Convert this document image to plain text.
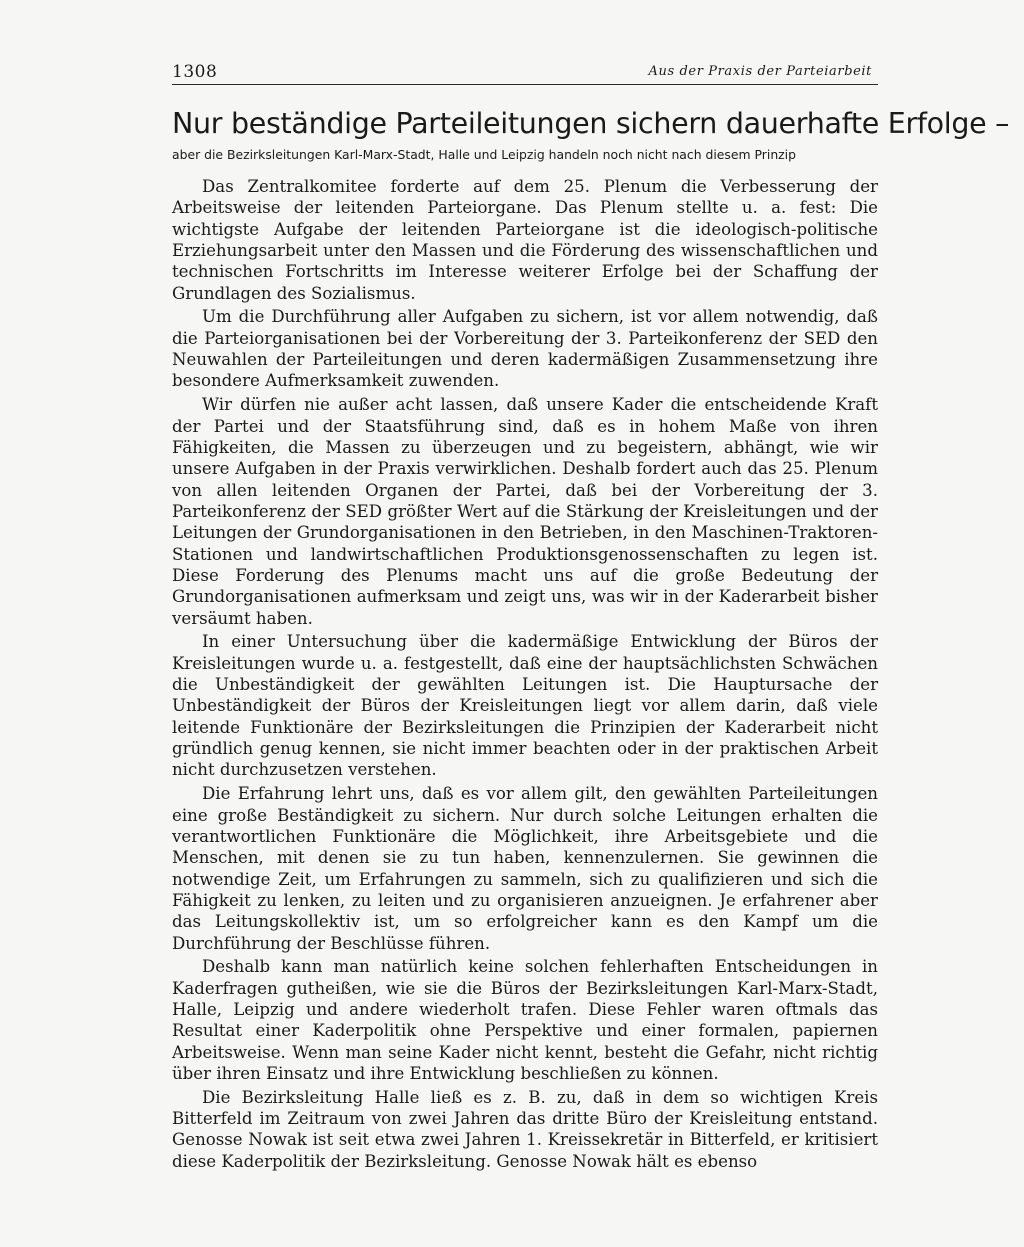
1308	Aus der Praxis der Parteiarbeit
Nur beständige Parteileitungen sichern dauerhafte Erfolge –
aber die Bezirksleitungen Karl-Marx-Stadt, Halle und Leipzig handeln noch nicht nach diesem Prinzip

Das Zentralkomitee forderte auf dem 25. Plenum die Verbesserung der Arbeitsweise der leitenden Parteiorgane. Das Plenum stellte u. a. fest: Die wichtigste Aufgabe der leitenden Parteiorgane ist die ideologisch-politische Erziehungsarbeit unter den Massen und die Förderung des wissenschaftlichen und technischen Fortschritts im Interesse weiterer Erfolge bei der Schaffung der Grundlagen des Sozialismus.

Um die Durchführung aller Aufgaben zu sichern, ist vor allem notwendig, daß die Parteiorganisationen bei der Vorbereitung der 3. Parteikonferenz der SED den Neuwahlen der Parteileitungen und deren kadermäßigen Zusammensetzung ihre besondere Aufmerksamkeit zuwenden.

Wir dürfen nie außer acht lassen, daß unsere Kader die entscheidende Kraft der Partei und der Staatsführung sind, daß es in hohem Maße von ihren Fähigkeiten, die Massen zu überzeugen und zu begeistern, abhängt, wie wir unsere Aufgaben in der Praxis verwirklichen. Deshalb fordert auch das 25. Plenum von allen leitenden Organen der Partei, daß bei der Vorbereitung der 3. Parteikonferenz der SED größter Wert auf die Stärkung der Kreisleitungen und der Leitungen der Grundorganisationen in den Betrieben, in den Maschinen-Traktoren-Stationen und landwirtschaftlichen Produktionsgenossenschaften zu legen ist. Diese Forderung des Plenums macht uns auf die große Bedeutung der Grundorganisationen aufmerksam und zeigt uns, was wir in der Kaderarbeit bisher versäumt haben.

In einer Untersuchung über die kadermäßige Entwicklung der Büros der Kreisleitungen wurde u. a. festgestellt, daß eine der hauptsächlichsten Schwächen die Unbeständigkeit der gewählten Leitungen ist. Die Hauptursache der Unbeständigkeit der Büros der Kreisleitungen liegt vor allem darin, daß viele leitende Funktionäre der Bezirksleitungen die Prinzipien der Kaderarbeit nicht gründlich genug kennen, sie nicht immer beachten oder in der praktischen Arbeit nicht durchzusetzen verstehen.

Die Erfahrung lehrt uns, daß es vor allem gilt, den gewählten Parteileitungen eine große Beständigkeit zu sichern. Nur durch solche Leitungen erhalten die verantwortlichen Funktionäre die Möglichkeit, ihre Arbeitsgebiete und die Menschen, mit denen sie zu tun haben, kennenzulernen. Sie gewinnen die notwendige Zeit, um Erfahrungen zu sammeln, sich zu qualifizieren und sich die Fähigkeit zu lenken, zu leiten und zu organisieren anzueignen. Je erfahrener aber das Leitungskollektiv ist, um so erfolgreicher kann es den Kampf um die Durchführung der Beschlüsse führen.

Deshalb kann man natürlich keine solchen fehlerhaften Entscheidungen in Kaderfragen gutheißen, wie sie die Büros der Bezirksleitungen Karl-Marx-Stadt, Halle, Leipzig und andere wiederholt trafen. Diese Fehler waren oftmals das Resultat einer Kaderpolitik ohne Perspektive und einer formalen, papiernen Arbeitsweise. Wenn man seine Kader nicht kennt, besteht die Gefahr, nicht richtig über ihren Einsatz und ihre Entwicklung beschließen zu können.

Die Bezirksleitung Halle ließ es z. B. zu, daß in dem so wichtigen Kreis Bitterfeld im Zeitraum von zwei Jahren das dritte Büro der Kreisleitung entstand. Genosse Nowak ist seit etwa zwei Jahren 1. Kreissekretär in Bitterfeld, er kritisiert diese Kaderpolitik der Bezirksleitung. Genosse Nowak hält es ebenso
